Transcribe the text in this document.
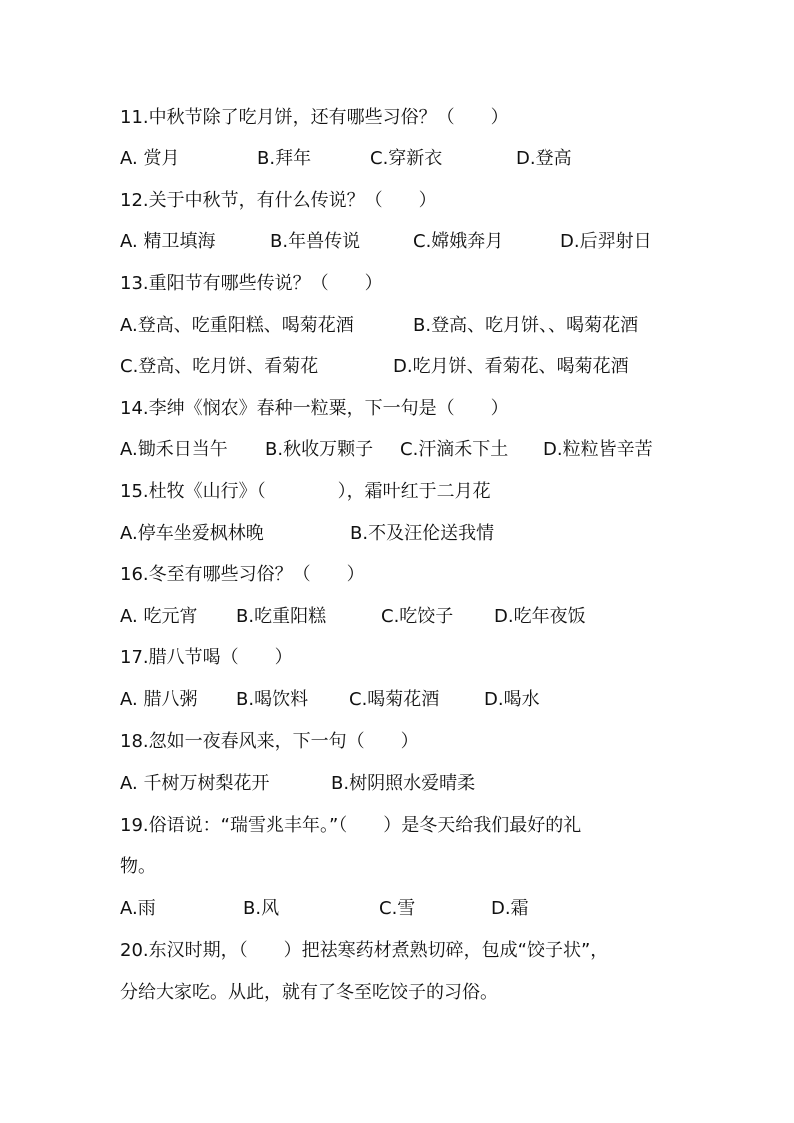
11.中秋节除了吃月饼，还有哪些习俗？（　　）
A. 赏月	B.拜年	C.穿新衣	D.登高
12.关于中秋节，有什么传说？（　　）
A. 精卫填海	B.年兽传说	C.嫦娥奔月	D.后羿射日
13.重阳节有哪些传说？（　　）
A.登高、吃重阳糕、喝菊花酒	B.登高、吃月饼、、喝菊花酒
C.登高、吃月饼、看菊花	D.吃月饼、看菊花、喝菊花酒
14.李绅《悯农》春种一粒粟，下一句是（　　）
A.锄禾日当午 B.秋收万颗子 C.汗滴禾下土 D.粒粒皆辛苦
15.杜牧《山行》（　　　　），霜叶红于二月花
A.停车坐爱枫林晚	B.不及汪伦送我情
16.冬至有哪些习俗？（　　）
A. 吃元宵 B.吃重阳糕	C.吃饺子 D.吃年夜饭
17.腊八节喝（　　）
A. 腊八粥 B.喝饮料 C.喝菊花酒 D.喝水
18.忽如一夜春风来，下一句（　　）
A. 千树万树梨花开	B.树阴照水爱晴柔
19.俗语说：“瑞雪兆丰年。”（　　）是冬天给我们最好的礼
物。
A.雨	B.风	C.雪	D.霜
20.东汉时期，（　　）把祛寒药材煮熟切碎，包成“饺子状”，
分给大家吃。从此，就有了冬至吃饺子的习俗。
